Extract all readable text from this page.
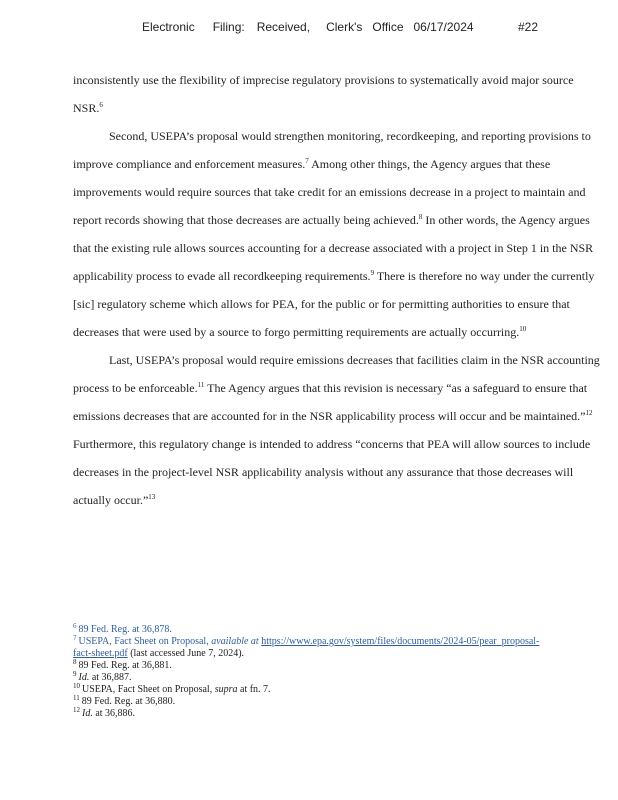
Electronic Filing: Received, Clerk's Office 06/17/2024	#22

inconsistently use the flexibility of imprecise regulatory provisions to systematically avoid major source NSR.$^6$

Second, USEPA’s proposal would strengthen monitoring, recordkeeping, and reporting provisions to improve compliance and enforcement measures.$^7$ Among other things, the Agency argues that these improvements would require sources that take credit for an emissions decrease in a project to maintain and report records showing that those decreases are actually being achieved.$^8$ In other words, the Agency argues that the existing rule allows sources accounting for a decrease associated with a project in Step 1 in the NSR applicability process to evade all recordkeeping requirements.$^9$ There is therefore no way under the currently [sic] regulatory scheme which allows for PEA, for the public or for permitting authorities to ensure that decreases that were used by a source to forgo permitting requirements are actually occurring.$^{10}$

Last, USEPA’s proposal would require emissions decreases that facilities claim in the NSR accounting process to be enforceable.$^{11}$ The Agency argues that this revision is necessary “as a safeguard to ensure that emissions decreases that are accounted for in the NSR applicability process will occur and be maintained.”$^{12}$ Furthermore, this regulatory change is intended to address “concerns that PEA will allow sources to include decreases in the project-level NSR applicability analysis without any assurance that those decreases will actually occur.”$^{13}$

$^6$ 89 Fed. Reg. at 36,878.

$^7$ USEPA, Fact Sheet on Proposal, available at https://www.epa.gov/system/files/documents/2024-05/pear_proposal-fact-sheet.pdf (last accessed June 7, 2024).

$^8$ 89 Fed. Reg. at 36,881.

$^9$ Id. at 36,887.

$^{10}$ USEPA, Fact Sheet on Proposal, supra at fn. 7.

$^{11}$ 89 Fed. Reg. at 36,880.

$^{12}$ Id. at 36,886.
